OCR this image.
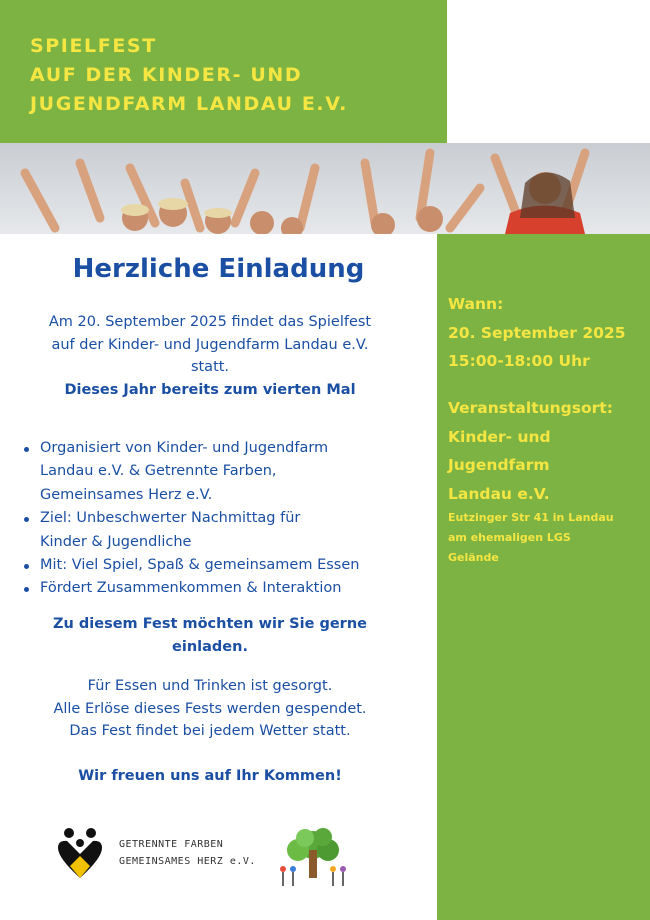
SPIELFEST
AUF DER KINDER- UND
JUGENDFARM LANDAU E.V.
Wann:
20. September 2025
15:00-18:00 Uhr
Veranstaltungsort:
Kinder- und
Jugendfarm
Landau e.V.
Eutzinger Str 41 in Landau
am ehemaligen LGS
Gelände
Herzliche Einladung
Am 20. September 2025 findet das Spielfest
auf der Kinder- und Jugendfarm Landau e.V.
statt.
Dieses Jahr bereits zum vierten Mal
Organisiert von Kinder- und Jugendfarm
Landau e.V. & Getrennte Farben,
Gemeinsames Herz e.V.
Ziel: Unbeschwerter Nachmittag für
Kinder & Jugendliche
Mit: Viel Spiel, Spaß & gemeinsamem Essen
Fördert Zusammenkommen & Interaktion
Zu diesem Fest möchten wir Sie gerne
einladen.
Für Essen und Trinken ist gesorgt.
Alle Erlöse dieses Fests werden gespendet.
Das Fest findet bei jedem Wetter statt.
Wir freuen uns auf Ihr Kommen!
GETRENNTE FARBEN
GEMEINSAMES HERZ e.V.
